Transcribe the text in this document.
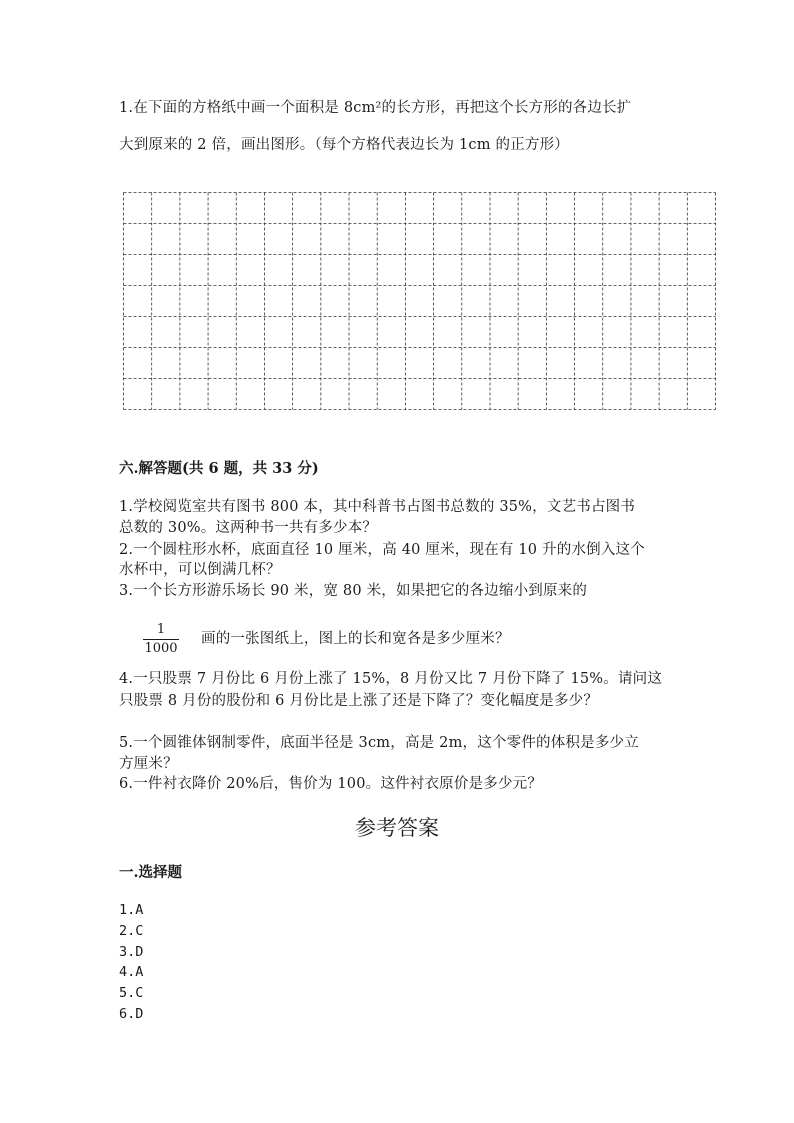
1.在下面的方格纸中画一个面积是 8cm²的长方形，再把这个长方形的各边长扩
大到原来的 2 倍，画出图形。（每个方格代表边长为 1cm 的正方形）
六.解答题(共 6 题，共 33 分)
1.学校阅览室共有图书 800 本，其中科普书占图书总数的 35%，文艺书占图书
总数的 30%。这两种书一共有多少本？
2.一个圆柱形水杯，底面直径 10 厘米，高 40 厘米，现在有 10 升的水倒入这个
水杯中，可以倒满几杯？
3.一个长方形游乐场长 90 米，宽 80 米，如果把它的各边缩小到原来的
1
1000
画的一张图纸上，图上的长和宽各是多少厘米？
4.一只股票 7 月份比 6 月份上涨了 15%，8 月份又比 7 月份下降了 15%。请问这
只股票 8 月份的股份和 6 月份比是上涨了还是下降了？变化幅度是多少？
5.一个圆锥体钢制零件，底面半径是 3cm，高是 2m，这个零件的体积是多少立
方厘米？
6.一件衬衣降价 20%后，售价为 100。这件衬衣原价是多少元？
参考答案
一.选择题
1.A
2.C
3.D
4.A
5.C
6.D
